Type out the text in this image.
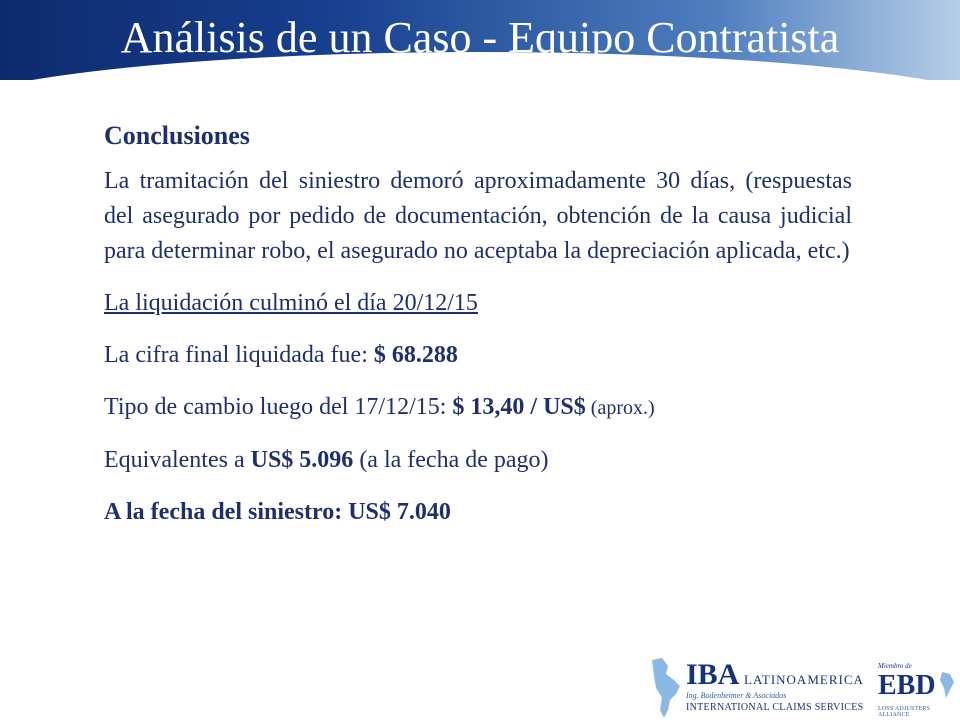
Análisis de un Caso - Equipo Contratista

Conclusiones

La tramitación del siniestro demoró aproximadamente 30 días, (respuestas del asegurado por pedido de documentación, obtención de la causa judicial para determinar robo, el asegurado no aceptaba la depreciación aplicada, etc.)

La liquidación culminó el día 20/12/15

La cifra final liquidada fue: $ 68.288

Tipo de cambio luego del 17/12/15: $ 13,40 / US$ (aprox.)

Equivalentes a US$ 5.096 (a la fecha de pago)

A la fecha del siniestro: US$ 7.040

IBA LATINOAMERICA
Ing. Bodenheimer & Asociados
INTERNATIONAL CLAIMS SERVICES
Miembro de
EBD
LOSS ADJUSTERS ALLIANCE
